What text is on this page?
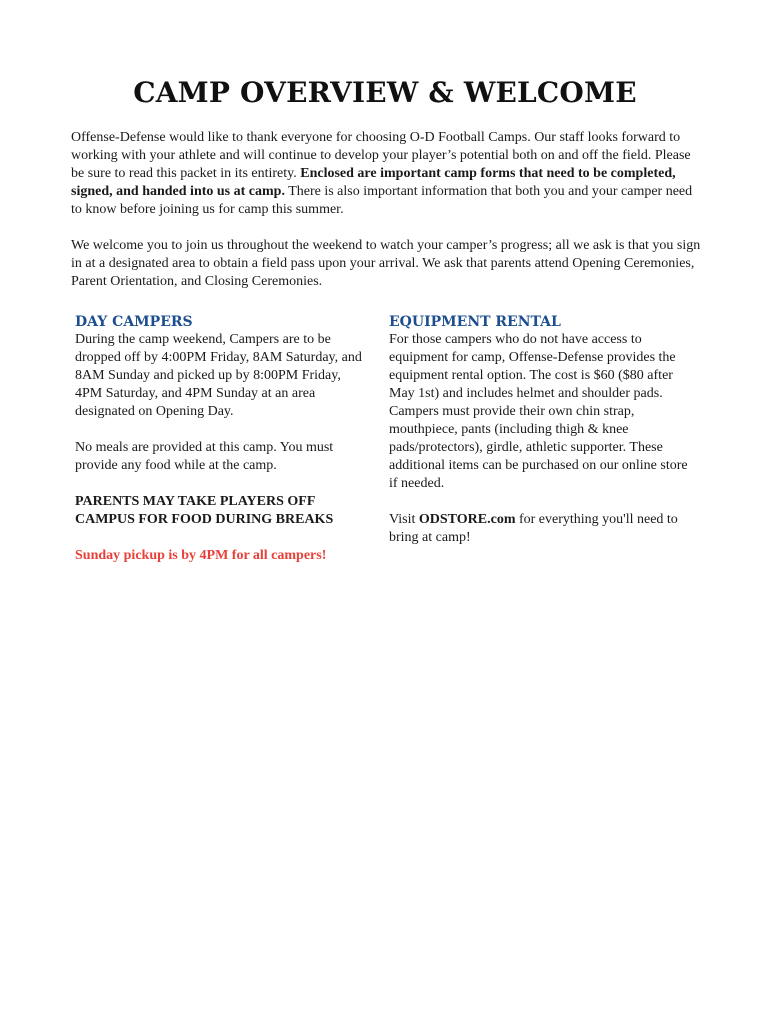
CAMP OVERVIEW & WELCOME

Offense-Defense would like to thank everyone for choosing O-D Football Camps. Our staff looks forward to working with your athlete and will continue to develop your player’s potential both on and off the field. Please be sure to read this packet in its entirety. Enclosed are important camp forms that need to be completed, signed, and handed into us at camp. There is also important information that both you and your camper need to know before joining us for camp this summer.

We welcome you to join us throughout the weekend to watch your camper’s progress; all we ask is that you sign in at a designated area to obtain a field pass upon your arrival. We ask that parents attend Opening Ceremonies, Parent Orientation, and Closing Ceremonies.

DAY CAMPERS

During the camp weekend, Campers are to be dropped off by 4:00PM Friday, 8AM Saturday, and 8AM Sunday and picked up by 8:00PM Friday, 4PM Saturday, and 4PM Sunday at an area designated on Opening Day.

No meals are provided at this camp. You must provide any food while at the camp.

PARENTS MAY TAKE PLAYERS OFF CAMPUS FOR FOOD DURING BREAKS

Sunday pickup is by 4PM for all campers!

EQUIPMENT RENTAL

For those campers who do not have access to equipment for camp, Offense-Defense provides the equipment rental option. The cost is $60 ($80 after May 1st) and includes helmet and shoulder pads. Campers must provide their own chin strap, mouthpiece, pants (including thigh & knee pads/protectors), girdle, athletic supporter. These additional items can be purchased on our online store if needed.

Visit ODSTORE.com for everything you'll need to bring at camp!
